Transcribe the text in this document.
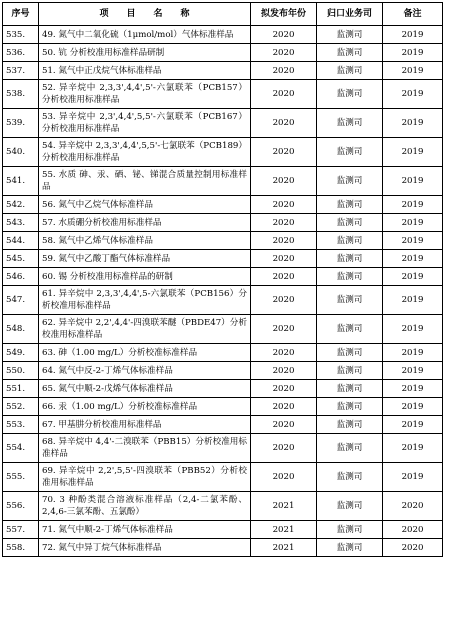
序号	项　　目　　名　　称	拟发布年份	归口业务司	备注
535.	49. 氮气中二氧化硫（1μmol/mol）气体标准样品	2020	监测司	2019
536.	50. 钪 分析校准用标准样品研制	2020	监测司	2019
537.	51. 氮气中正戊烷气体标准样品	2020	监测司	2019
538.	52. 异辛烷中 2,3,3',4,4',5'-六氯联苯（PCB157）分析校准用标准样品	2020	监测司	2019
539.	53. 异辛烷中 2,3',4,4',5,5'-六氯联苯（PCB167）分析校准用标准样品	2020	监测司	2019
540.	54. 异辛烷中 2,3,3',4,4',5,5'-七氯联苯（PCB189）分析校准用标准样品	2020	监测司	2019
541.	55. 水质 砷、汞、硒、铋、锑混合质量控制用标准样品	2020	监测司	2019
542.	56. 氮气中乙烷气体标准样品	2020	监测司	2019
543.	57. 水质硼分析校准用标准样品	2020	监测司	2019
544.	58. 氮气中乙烯气体标准样品	2020	监测司	2019
545.	59. 氮气中乙酸丁酯气体标准样品	2020	监测司	2019
546.	60. 锡 分析校准用标准样品的研制	2020	监测司	2019
547.	61. 异辛烷中 2,3,3',4,4',5-六氯联苯（PCB156）分析校准用标准样品	2020	监测司	2019
548.	62. 异辛烷中 2,2',4,4'-四溴联苯醚（PBDE47）分析校准用标准样品	2020	监测司	2019
549.	63. 砷（1.00 mg/L）分析校准标准样品	2020	监测司	2019
550.	64. 氮气中反-2-丁烯气体标准样品	2020	监测司	2019
551.	65. 氮气中顺-2-戊烯气体标准样品	2020	监测司	2019
552.	66. 汞（1.00 mg/L）分析校准标准样品	2020	监测司	2019
553.	67. 甲基肼分析校准用标准样品	2020	监测司	2019
554.	68. 异辛烷中 4,4'-二溴联苯（PBB15）分析校准用标准样品	2020	监测司	2019
555.	69. 异辛烷中 2,2',5,5'-四溴联苯（PBB52）分析校准用标准样品	2020	监测司	2019
556.	70. 3 种酚类混合溶液标准样品（2,4-二氯苯酚、2,4,6-三氯苯酚、五氯酚）	2021	监测司	2020
557.	71. 氮气中顺-2-丁烯气体标准样品	2021	监测司	2020
558.	72. 氮气中异丁烷气体标准样品	2021	监测司	2020
